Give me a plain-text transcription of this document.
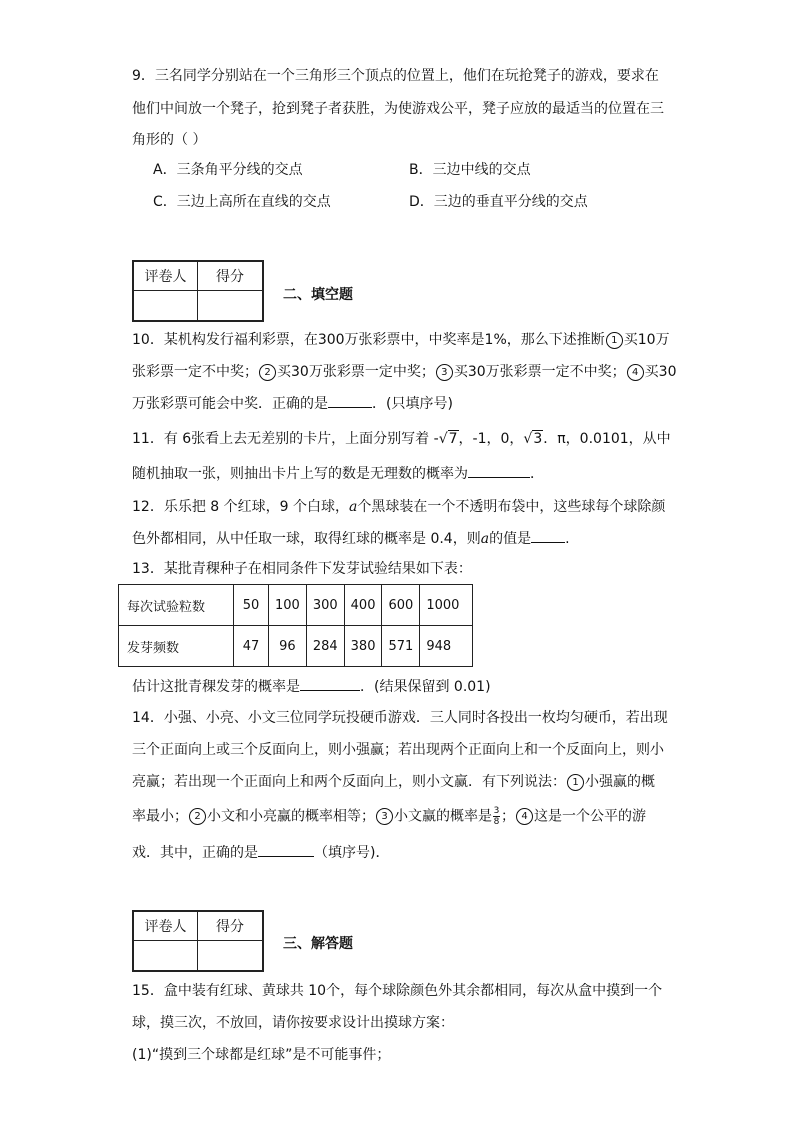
9．三名同学分别站在一个三角形三个顶点的位置上，他们在玩抢凳子的游戏，要求在
他们中间放一个凳子，抢到凳子者获胜，为使游戏公平，凳子应放的最适当的位置在三
角形的（ ）
A．三条角平分线的交点	B．三边中线的交点
C．三边上高所在直线的交点	D．三边的垂直平分线的交点
评卷人	得分
二、填空题
10．某机构发行福利彩票，在300万张彩票中，中奖率是1%，那么下述推断 1 买10万
张彩票一定不中奖； 2 买30万张彩票一定中奖； 3 买30万张彩票一定不中奖； 4 买30
万张彩票可能会中奖．正确的是	．(只填序号)
11．有 6张看上去无差别的卡片，上面分别写着 -√7，-1，0，√3．π，0.0101，从中
随机抽取一张，则抽出卡片上写的数是无理数的概率为	．
12．乐乐把 8 个红球，9 个白球，a个黑球装在一个不透明布袋中，这些球每个球除颜
色外都相同，从中任取一球，取得红球的概率是 0.4，则a的值是 .
13．某批青稞种子在相同条件下发芽试验结果如下表：
每次试验粒数	50	100	300	400	600	1000
发芽频数	47	96	284	380	571	948
估计这批青稞发芽的概率是	．(结果保留到 0.01)
14．小强、小亮、小文三位同学玩投硬币游戏．三人同时各投出一枚均匀硬币，若出现
三个正面向上或三个反面向上，则小强赢；若出现两个正面向上和一个反面向上，则小
亮赢；若出现一个正面向上和两个反面向上，则小文赢．有下列说法： 1 小强赢的概
率最小； 2 小文和小亮赢的概率相等； 3 小文赢的概率是 $\frac{3}{8}$ ； 4 这是一个公平的游
戏．其中，正确的是	（填序号)．
评卷人	得分
三、解答题
15．盒中装有红球、黄球共 10个，每个球除颜色外其余都相同，每次从盒中摸到一个
球，摸三次，不放回，请你按要求设计出摸球方案：
(1)“摸到三个球都是红球”是不可能事件；
